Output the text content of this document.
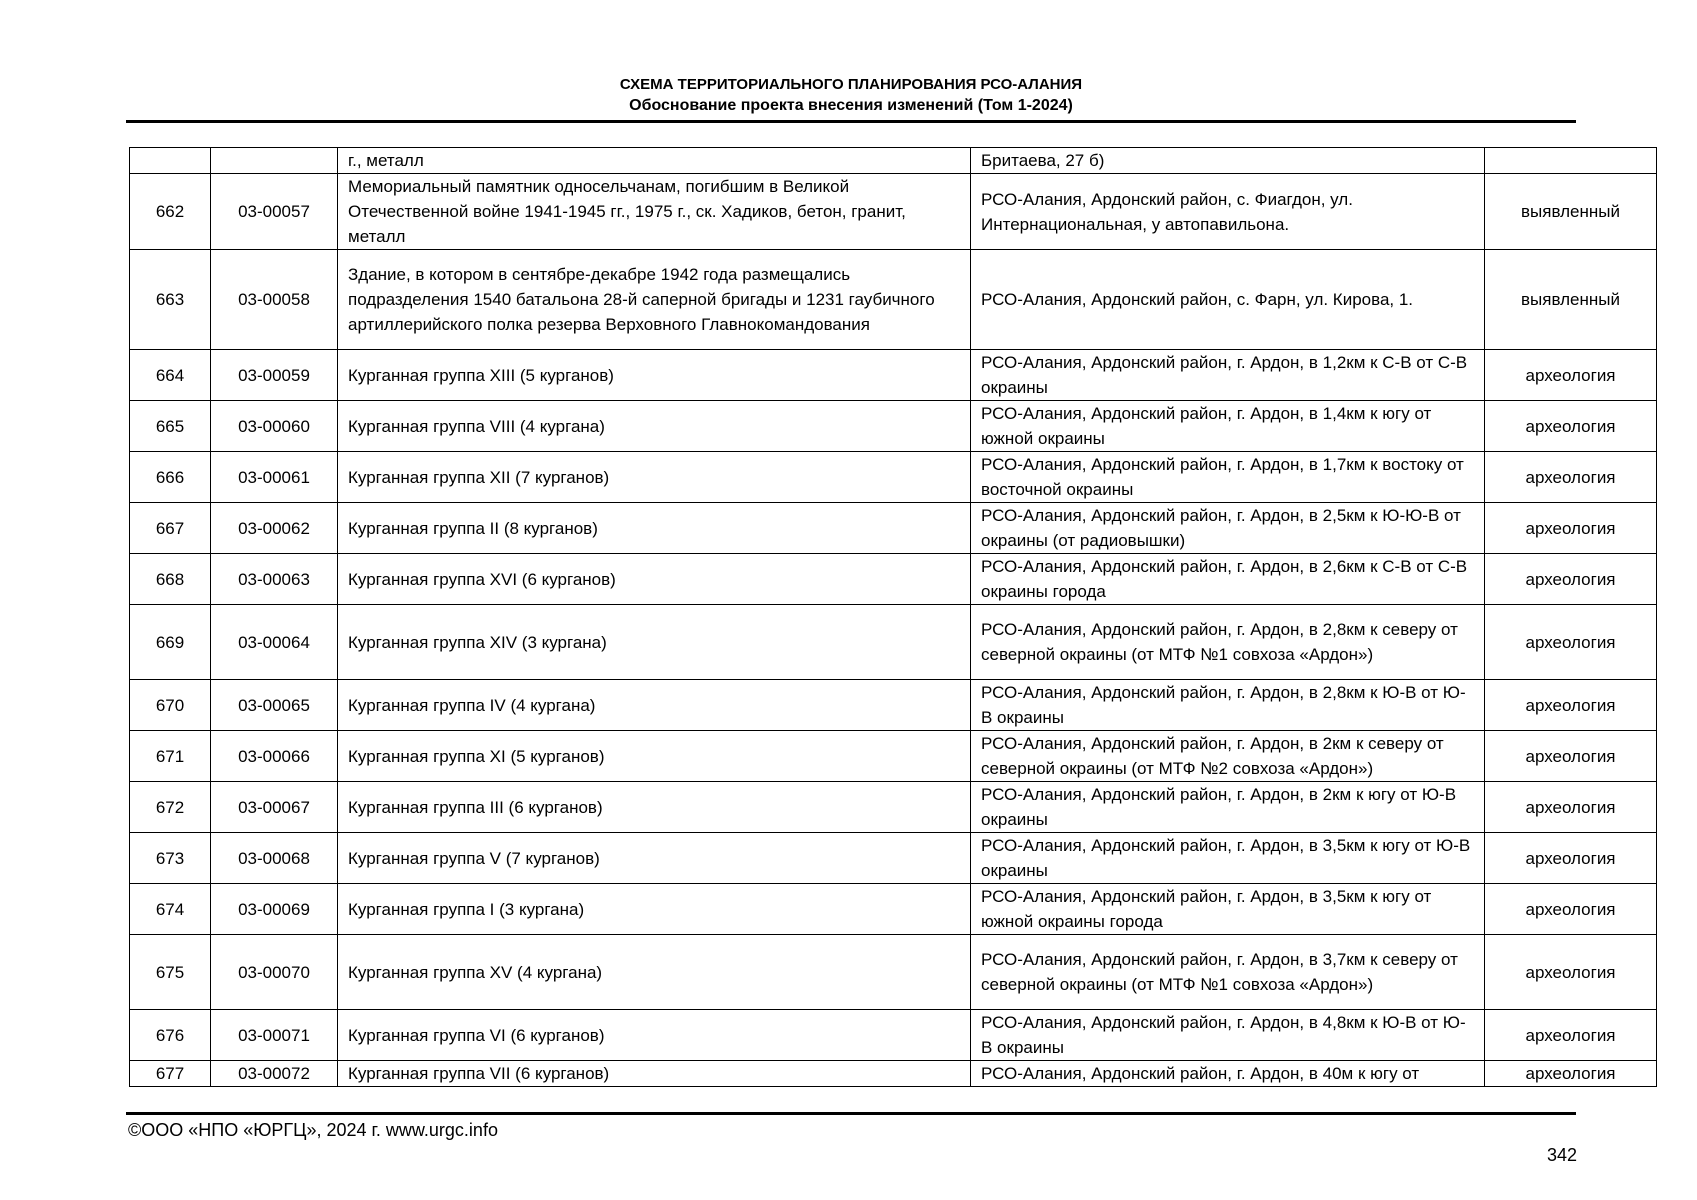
СХЕМА ТЕРРИТОРИАЛЬНОГО ПЛАНИРОВАНИЯ РСО-АЛАНИЯ
Обоснование проекта внесения изменений (Том 1-2024)
		г., металл	Бритаева, 27 б)	
662	03-00057	Мемориальный памятник односельчанам, погибшим в Великой Отечественной войне 1941-1945 гг., 1975 г., ск. Хадиков, бетон, гранит, металл	РСО-Алания, Ардонский район, с. Фиагдон, ул. Интернациональная, у автопавильона.	выявленный
663	03-00058	Здание, в котором в сентябре-декабре 1942 года размещались подразделения 1540 батальона 28-й саперной бригады и 1231 гаубичного артиллерийского полка резерва Верховного Главнокомандования	РСО-Алания, Ардонский район, с. Фарн, ул. Кирова, 1.	выявленный
664	03-00059	Курганная группа XIII (5 курганов)	РСО-Алания, Ардонский район, г. Ардон, в 1,2км к С-В от С-В окраины	археология
665	03-00060	Курганная группа VIII (4 кургана)	РСО-Алания, Ардонский район, г. Ардон, в 1,4км к югу от южной окраины	археология
666	03-00061	Курганная группа XII (7 курганов)	РСО-Алания, Ардонский район, г. Ардон, в 1,7км к востоку от восточной окраины	археология
667	03-00062	Курганная группа II (8 курганов)	РСО-Алания, Ардонский район, г. Ардон, в 2,5км к Ю-Ю-В от окраины (от радиовышки)	археология
668	03-00063	Курганная группа XVI (6 курганов)	РСО-Алания, Ардонский район, г. Ардон, в 2,6км к С-В от С-В окраины города	археология
669	03-00064	Курганная группа XIV (3 кургана)	РСО-Алания, Ардонский район, г. Ардон, в 2,8км к северу от северной окраины (от МТФ №1 совхоза «Ардон»)	археология
670	03-00065	Курганная группа IV (4 кургана)	РСО-Алания, Ардонский район, г. Ардон, в 2,8км к Ю-В от Ю-В окраины	археология
671	03-00066	Курганная группа XI (5 курганов)	РСО-Алания, Ардонский район, г. Ардон, в 2км к северу от северной окраины (от МТФ №2 совхоза «Ардон»)	археология
672	03-00067	Курганная группа III (6 курганов)	РСО-Алания, Ардонский район, г. Ардон, в 2км к югу от Ю-В окраины	археология
673	03-00068	Курганная группа V (7 курганов)	РСО-Алания, Ардонский район, г. Ардон, в 3,5км к югу от Ю-В окраины	археология
674	03-00069	Курганная группа I (3 кургана)	РСО-Алания, Ардонский район, г. Ардон, в 3,5км к югу от южной окраины города	археология
675	03-00070	Курганная группа XV (4 кургана)	РСО-Алания, Ардонский район, г. Ардон, в 3,7км к северу от северной окраины (от МТФ №1 совхоза «Ардон»)	археология
676	03-00071	Курганная группа VI (6 курганов)	РСО-Алания, Ардонский район, г. Ардон, в 4,8км к Ю-В от Ю-В окраины	археология
677	03-00072	Курганная группа VII (6 курганов)	РСО-Алания, Ардонский район, г. Ардон, в 40м к югу от	археология
©ООО «НПО «ЮРГЦ», 2024 г. www.urgc.info
342
